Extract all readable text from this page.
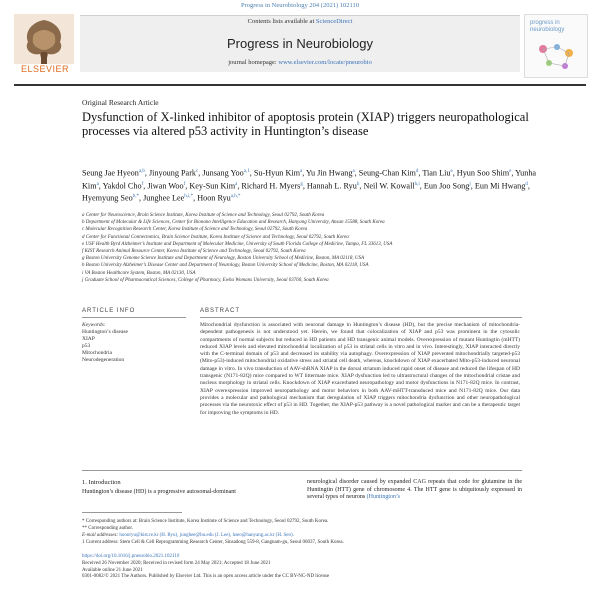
Progress in Neurobiology 204 (2021) 102110
ELSEVIER
Contents lists available at ScienceDirect
Progress in Neurobiology
journal homepage: www.elsevier.com/locate/pneurobio
progress in neurobiology
Original Research Article
Dysfunction of X-linked inhibitor of apoptosis protein (XIAP) triggers neuropathological processes via altered p53 activity in Huntington’s disease
Seung Jae Hyeon$^{a,b}$, Jinyoung Park$^c$, Junsang Yoo$^{a,1}$, Su-Hyun Kim$^a$, Yu Jin Hwang$^a$, Seung-Chan Kim$^d$, Tian Liu$^e$, Hyun Soo Shim$^e$, Yunha Kim$^a$, Yakdol Cho$^f$, Jiwan Woo$^f$, Key-Sun Kim$^a$, Richard H. Myers$^g$, Hannah L. Ryu$^h$, Neil W. Kowall$^{h,i}$, Eun Joo Song$^j$, Eun Mi Hwang$^d$, Hyemyung Seo$^{b,*}$, Junghee Lee$^{h,i,*}$, Hoon Ryu$^{a,h,*}$
a Center for Neuroscience, Brain Science Institute, Korea Institute of Science and Technology, Seoul 02792, South Korea
b Department of Molecular & Life Sciences, Center for Bionano Intelligence Education and Research, Hanyang University, Ansan 15588, South Korea
c Molecular Recognition Research Center, Korea Institute of Science and Technology, Seoul 02792, South Korea
d Center for Functional Connectomics, Brain Science Institute, Korea Institute of Science and Technology, Seoul 02792, South Korea
e USF Health Byrd Alzheimer’s Institute and Department of Molecular Medicine, University of South Florida College of Medicine, Tampa, FL 33613, USA
f KIST Research Animal Resource Center, Korea Institute of Science and Technology, Seoul 02792, South Korea
g Boston University Genome Science Institute and Department of Neurology, Boston University School of Medicine, Boston, MA 02118, USA
h Boston University Alzheimer’s Disease Center and Department of Neurology, Boston University School of Medicine, Boston, MA 02118, USA
i VA Boston Healthcare System, Boston, MA 02130, USA
j Graduate School of Pharmaceutical Sciences, College of Pharmacy, Ewha Womans University, Seoul 03760, South Korea
ARTICLE INFO	ABSTRACT
Keywords:
Huntington’s disease
XIAP
p53
Mitochondria
Neurodegeneration
Mitochondrial dysfunction is associated with neuronal damage in Huntington’s disease (HD), but the precise mechanism of mitochondria-dependent pathogenesis is not understood yet. Herein, we found that colocalization of XIAP and p53 was prominent in the cytosolic compartments of normal subjects but reduced in HD patients and HD transgenic animal models. Overexpression of mutant Huntingtin (mHTT) reduced XIAP levels and elevated mitochondrial localization of p53 in striatal cells in vitro and in vivo. Interestingly, XIAP interacted directly with the C-terminal domain of p53 and decreased its stability via autophagy. Overexpression of XIAP prevented mitochondrially targeted-p53 (Mito-p53)-induced mitochondrial oxidative stress and striatal cell death, whereas, knockdown of XIAP exacerbated Mito-p53-induced neuronal damage in vitro. In vivo transduction of AAV-shRNA XIAP in the dorsal striatum induced rapid onset of disease and reduced the lifespan of HD transgenic (N171-82Q) mice compared to WT littermate mice. XIAP dysfunction led to ultrastructural changes of the mitochondrial cristae and nucleus morphology in striatal cells. Knockdown of XIAP exacerbated neuropathology and motor dysfunctions in N171-82Q mice. In contrast, XIAP overexpression improved neuropathology and motor behaviors in both AAV-mHTT-transduced mice and N171-82Q mice. Our data provides a molecular and pathological mechanism that deregulation of XIAP triggers mitochondria dysfunction and other neuropathological processes via the neurotoxic effect of p53 in HD. Together, the XIAP-p53 pathway is a novel pathological marker and can be a therapeutic target for improving the symptoms in HD.
1. Introduction
Huntington’s disease (HD) is a progressive autosomal-dominant
neurological disorder caused by expanded CAG repeats that code for glutamine in the Huntingtin (HTT) gene of chromosome 4. The HTT gene is ubiquitously expressed in several types of neurons (Huntington’s
* Corresponding authors at: Brain Science Institute, Korea Institute of Science and Technology, Seoul 02792, South Korea.
** Corresponding author.
E-mail addresses: hoonryu@kist.re.kr (H. Ryu), junghee@bu.edu (J. Lee), hseo@hanyang.ac.kr (H. Seo).
1 Current address: Stem Cell & Cell Reprogramming Research Center, Sinsadong 559-8, Gangnam-gu, Seoul 06037, South Korea.
https://doi.org/10.1016/j.pneurobio.2021.102110
Received 26 November 2020; Received in revised form 24 May 2021; Accepted 18 June 2021
Available online 21 June 2021
0301-0082/© 2021 The Authors. Published by Elsevier Ltd. This is an open access article under the CC BY-NC-ND license
